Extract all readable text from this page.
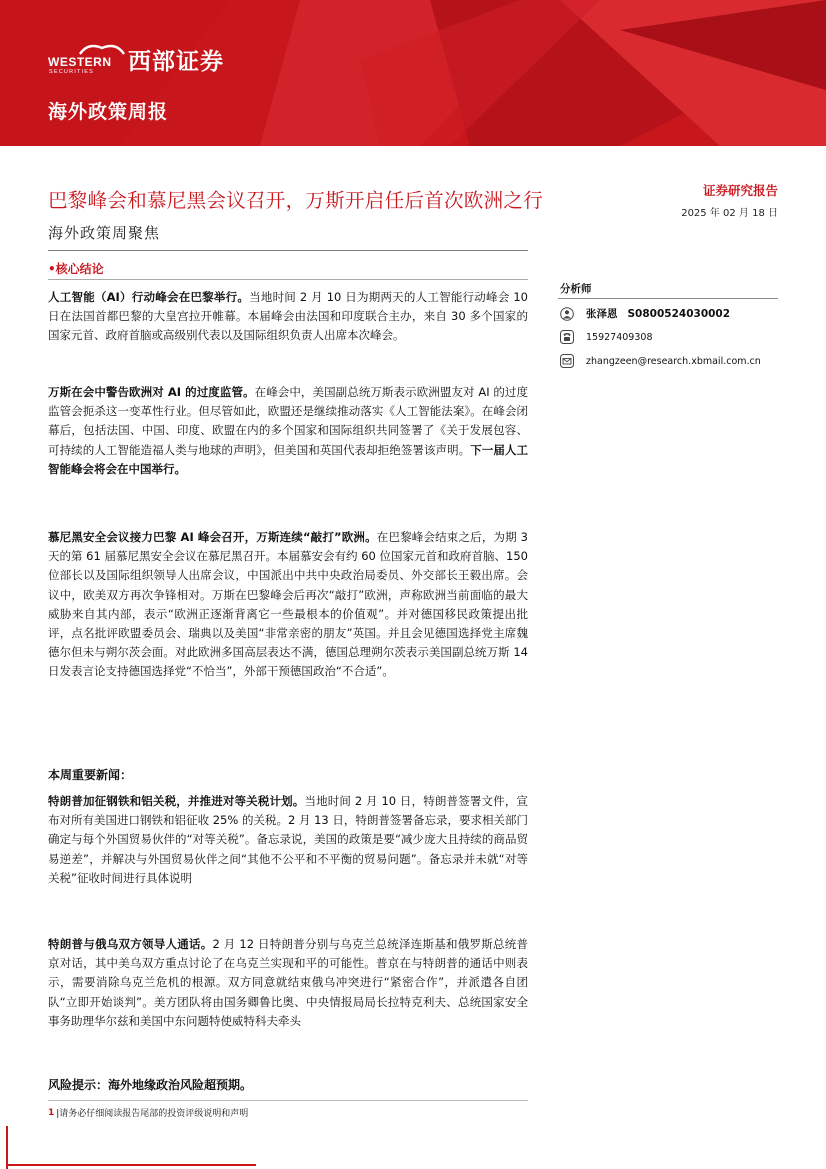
WESTERN
SECURITIES 西部证券
海外政策周报
巴黎峰会和慕尼黑会议召开，万斯开启任后首次欧洲之行	证券研究报告
2025 年 02 月 18 日
海外政策周聚焦
•核心结论
人工智能（AI）行动峰会在巴黎举行。当地时间 2 月 10 日为期两天的人工智能行动峰会 10 日在法国首都巴黎的大皇宫拉开帷幕。本届峰会由法国和印度联合主办，来自 30 多个国家的国家元首、政府首脑或高级别代表以及国际组织负责人出席本次峰会。
万斯在会中警告欧洲对 AI 的过度监管。在峰会中，美国副总统万斯表示欧洲盟友对 AI 的过度监管会扼杀这一变革性行业。但尽管如此，欧盟还是继续推动落实《人工智能法案》。在峰会闭幕后，包括法国、中国、印度、欧盟在内的多个国家和国际组织共同签署了《关于发展包容、可持续的人工智能造福人类与地球的声明》，但美国和英国代表却拒绝签署该声明。下一届人工智能峰会将会在中国举行。
慕尼黑安全会议接力巴黎 AI 峰会召开，万斯连续“敲打”欧洲。在巴黎峰会结束之后，为期 3 天的第 61 届慕尼黑安全会议在慕尼黑召开。本届慕安会有约 60 位国家元首和政府首脑、150 位部长以及国际组织领导人出席会议，中国派出中共中央政治局委员、外交部长王毅出席。会议中，欧美双方再次争锋相对。万斯在巴黎峰会后再次“敲打”欧洲，声称欧洲当前面临的最大威胁来自其内部，表示“欧洲正逐渐背离它一些最根本的价值观”。并对德国移民政策提出批评，点名批评欧盟委员会、瑞典以及美国“非常亲密的朋友”英国。并且会见德国选择党主席魏德尔但未与朔尔茨会面。对此欧洲多国高层表达不满，德国总理朔尔茨表示美国副总统万斯 14 日发表言论支持德国选择党“不恰当”，外部干预德国政治“不合适”。
本周重要新闻：
特朗普加征钢铁和铝关税，并推进对等关税计划。当地时间 2 月 10 日，特朗普签署文件，宣布对所有美国进口钢铁和铝征收 25% 的关税。2 月 13 日，特朗普签署备忘录，要求相关部门确定与每个外国贸易伙伴的“对等关税”。备忘录说，美国的政策是要“减少庞大且持续的商品贸易逆差”，并解决与外国贸易伙伴之间“其他不公平和不平衡的贸易问题”。备忘录并未就“对等关税”征收时间进行具体说明
特朗普与俄乌双方领导人通话。2 月 12 日特朗普分别与乌克兰总统泽连斯基和俄罗斯总统普京对话，其中美乌双方重点讨论了在乌克兰实现和平的可能性。普京在与特朗普的通话中则表示，需要消除乌克兰危机的根源。双方同意就结束俄乌冲突进行“紧密合作”，并派遣各自团队“立即开始谈判”。美方团队将由国务卿鲁比奥、中央情报局局长拉特克利夫、总统国家安全事务助理华尔兹和美国中东问题特使威特科夫牵头
风险提示：海外地缘政治风险超预期。
分析师
张泽恩 S0800524030002
15927409308
zhangzeen@research.xbmail.com.cn
1 |请务必仔细阅读报告尾部的投资评级说明和声明
